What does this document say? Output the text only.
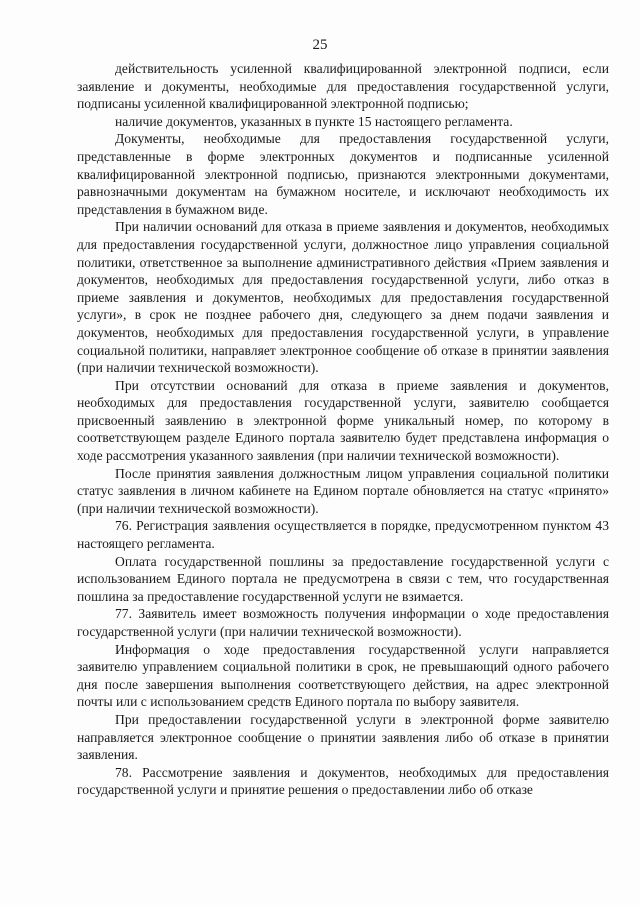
25

действительность усиленной квалифицированной электронной подписи, если заявление и документы, необходимые для предоставления государственной услуги, подписаны усиленной квалифицированной электронной подписью;

наличие документов, указанных в пункте 15 настоящего регламента.

Документы, необходимые для предоставления государственной услуги, представленные в форме электронных документов и подписанные усиленной квалифицированной электронной подписью, признаются электронными документами, равнозначными документам на бумажном носителе, и исключают необходимость их представления в бумажном виде.

При наличии оснований для отказа в приеме заявления и документов, необходимых для предоставления государственной услуги, должностное лицо управления социальной политики, ответственное за выполнение административного действия «Прием заявления и документов, необходимых для предоставления государственной услуги, либо отказ в приеме заявления и документов, необходимых для предоставления государственной услуги», в срок не позднее рабочего дня, следующего за днем подачи заявления и документов, необходимых для предоставления государственной услуги, в управление социальной политики, направляет электронное сообщение об отказе в принятии заявления (при наличии технической возможности).

При отсутствии оснований для отказа в приеме заявления и документов, необходимых для предоставления государственной услуги, заявителю сообщается присвоенный заявлению в электронной форме уникальный номер, по которому в соответствующем разделе Единого портала заявителю будет представлена информация о ходе рассмотрения указанного заявления (при наличии технической возможности).

После принятия заявления должностным лицом управления социальной политики статус заявления в личном кабинете на Едином портале обновляется на статус «принято» (при наличии технической возможности).

76. Регистрация заявления осуществляется в порядке, предусмотренном пунктом 43 настоящего регламента.

Оплата государственной пошлины за предоставление государственной услуги с использованием Единого портала не предусмотрена в связи с тем, что государственная пошлина за предоставление государственной услуги не взимается.

77. Заявитель имеет возможность получения информации о ходе предоставления государственной услуги (при наличии технической возможности).

Информация о ходе предоставления государственной услуги направляется заявителю управлением социальной политики в срок, не превышающий одного рабочего дня после завершения выполнения соответствующего действия, на адрес электронной почты или с использованием средств Единого портала по выбору заявителя.

При предоставлении государственной услуги в электронной форме заявителю направляется электронное сообщение о принятии заявления либо об отказе в принятии заявления.

78. Рассмотрение заявления и документов, необходимых для предоставления государственной услуги и принятие решения о предоставлении либо об отказе
